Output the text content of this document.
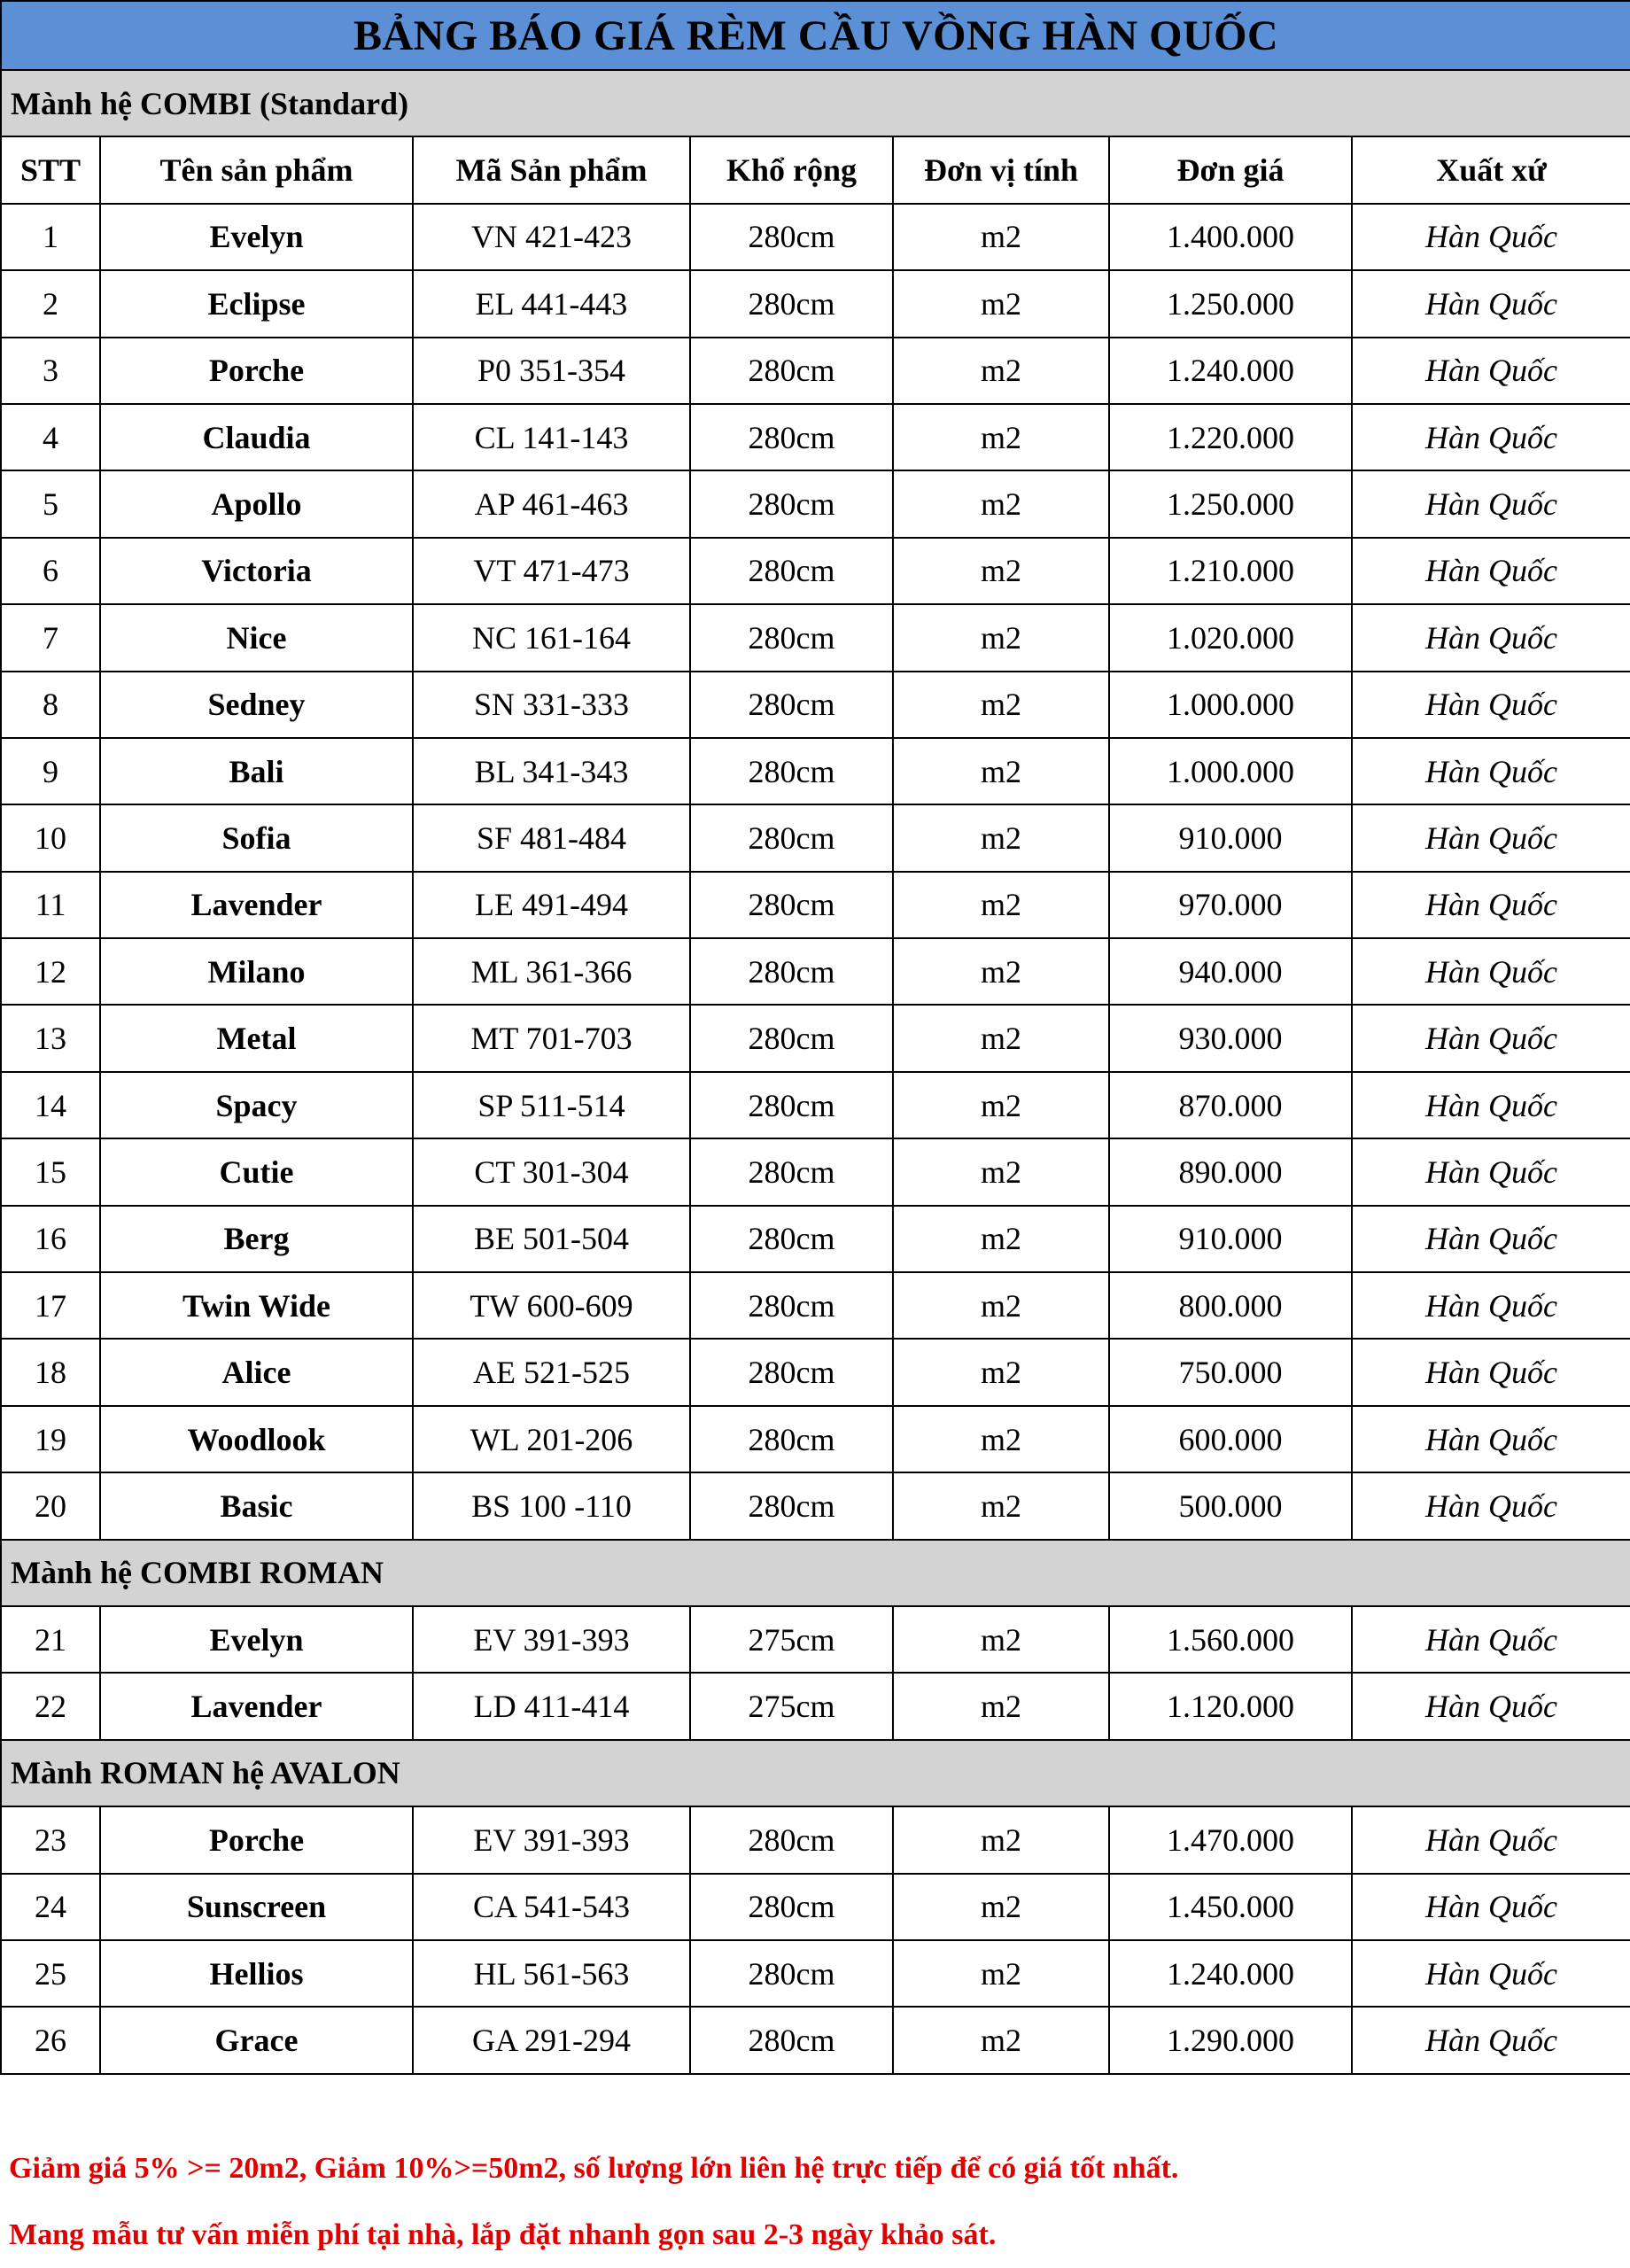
BẢNG BÁO GIÁ RÈM CẦU VỒNG HÀN QUỐC						
Mành hệ COMBI (Standard)						
STT	Tên sản phẩm	Mã Sản phẩm	Khổ rộng	Đơn vị tính	Đơn giá	Xuất xứ
1	Evelyn	VN 421-423	280cm	m2	1.400.000	Hàn Quốc
2	Eclipse	EL 441-443	280cm	m2	1.250.000	Hàn Quốc
3	Porche	P0 351-354	280cm	m2	1.240.000	Hàn Quốc
4	Claudia	CL 141-143	280cm	m2	1.220.000	Hàn Quốc
5	Apollo	AP 461-463	280cm	m2	1.250.000	Hàn Quốc
6	Victoria	VT 471-473	280cm	m2	1.210.000	Hàn Quốc
7	Nice	NC 161-164	280cm	m2	1.020.000	Hàn Quốc
8	Sedney	SN 331-333	280cm	m2	1.000.000	Hàn Quốc
9	Bali	BL 341-343	280cm	m2	1.000.000	Hàn Quốc
10	Sofia	SF 481-484	280cm	m2	910.000	Hàn Quốc
11	Lavender	LE 491-494	280cm	m2	970.000	Hàn Quốc
12	Milano	ML 361-366	280cm	m2	940.000	Hàn Quốc
13	Metal	MT 701-703	280cm	m2	930.000	Hàn Quốc
14	Spacy	SP 511-514	280cm	m2	870.000	Hàn Quốc
15	Cutie	CT 301-304	280cm	m2	890.000	Hàn Quốc
16	Berg	BE 501-504	280cm	m2	910.000	Hàn Quốc
17	Twin Wide	TW 600-609	280cm	m2	800.000	Hàn Quốc
18	Alice	AE 521-525	280cm	m2	750.000	Hàn Quốc
19	Woodlook	WL 201-206	280cm	m2	600.000	Hàn Quốc
20	Basic	BS 100 -110	280cm	m2	500.000	Hàn Quốc
Mành hệ COMBI ROMAN						
21	Evelyn	EV 391-393	275cm	m2	1.560.000	Hàn Quốc
22	Lavender	LD 411-414	275cm	m2	1.120.000	Hàn Quốc
Mành ROMAN hệ AVALON						
23	Porche	EV 391-393	280cm	m2	1.470.000	Hàn Quốc
24	Sunscreen	CA 541-543	280cm	m2	1.450.000	Hàn Quốc
25	Hellios	HL 561-563	280cm	m2	1.240.000	Hàn Quốc
26	Grace	GA 291-294	280cm	m2	1.290.000	Hàn Quốc
Giảm giá 5% >= 20m2, Giảm 10%>=50m2, số lượng lớn liên hệ trực tiếp để có giá tốt nhất.
Mang mẫu tư vấn miễn phí tại nhà, lắp đặt nhanh gọn sau 2-3 ngày khảo sát.
